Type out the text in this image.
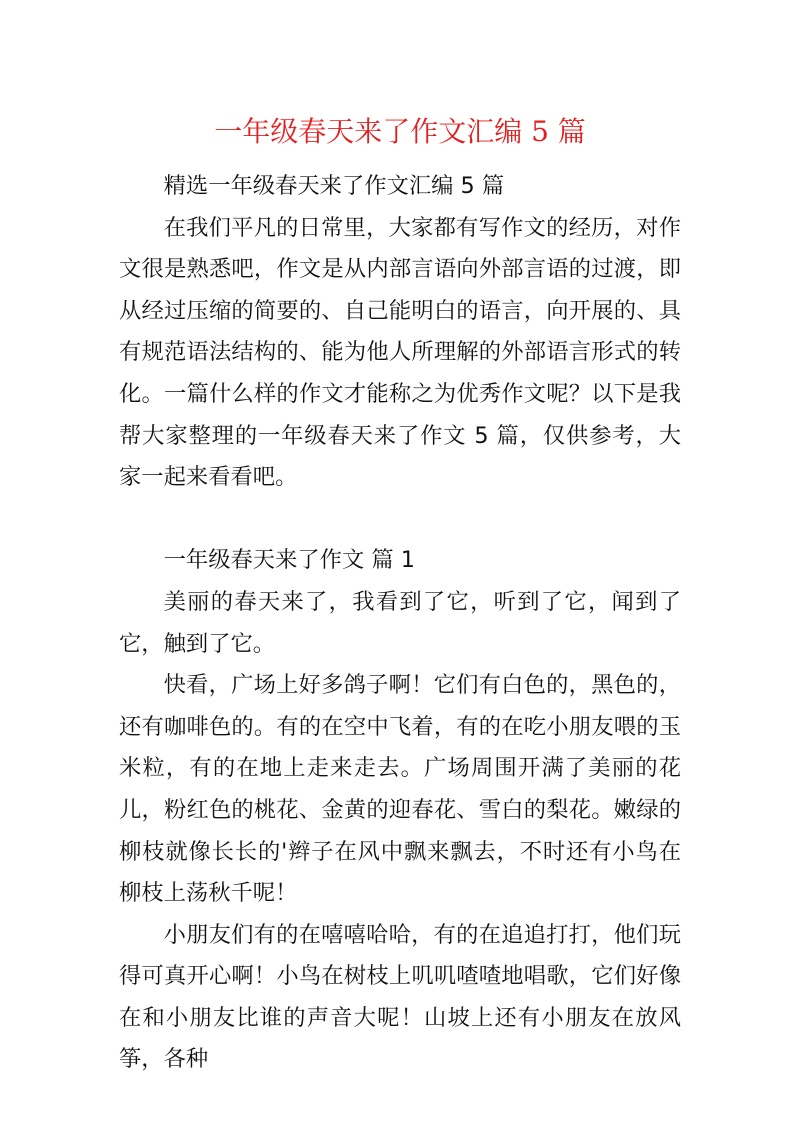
一年级春天来了作文汇编 5 篇

精选一年级春天来了作文汇编 5 篇

在我们平凡的日常里，大家都有写作文的经历，对作文很是熟悉吧，作文是从内部言语向外部言语的过渡，即从经过压缩的简要的、自己能明白的语言，向开展的、具有规范语法结构的、能为他人所理解的外部语言形式的转化。一篇什么样的作文才能称之为优秀作文呢？以下是我帮大家整理的一年级春天来了作文 5 篇，仅供参考，大家一起来看看吧。

一年级春天来了作文 篇 1

美丽的春天来了，我看到了它，听到了它，闻到了它，触到了它。

快看，广场上好多鸽子啊！它们有白色的，黑色的，还有咖啡色的。有的在空中飞着，有的在吃小朋友喂的玉米粒，有的在地上走来走去。广场周围开满了美丽的花儿，粉红色的桃花、金黄的迎春花、雪白的梨花。嫩绿的柳枝就像长长的'辫子在风中飘来飘去，不时还有小鸟在柳枝上荡秋千呢！

小朋友们有的在嘻嘻哈哈，有的在追追打打，他们玩得可真开心啊！小鸟在树枝上叽叽喳喳地唱歌，它们好像在和小朋友比谁的声音大呢！山坡上还有小朋友在放风筝，各种
